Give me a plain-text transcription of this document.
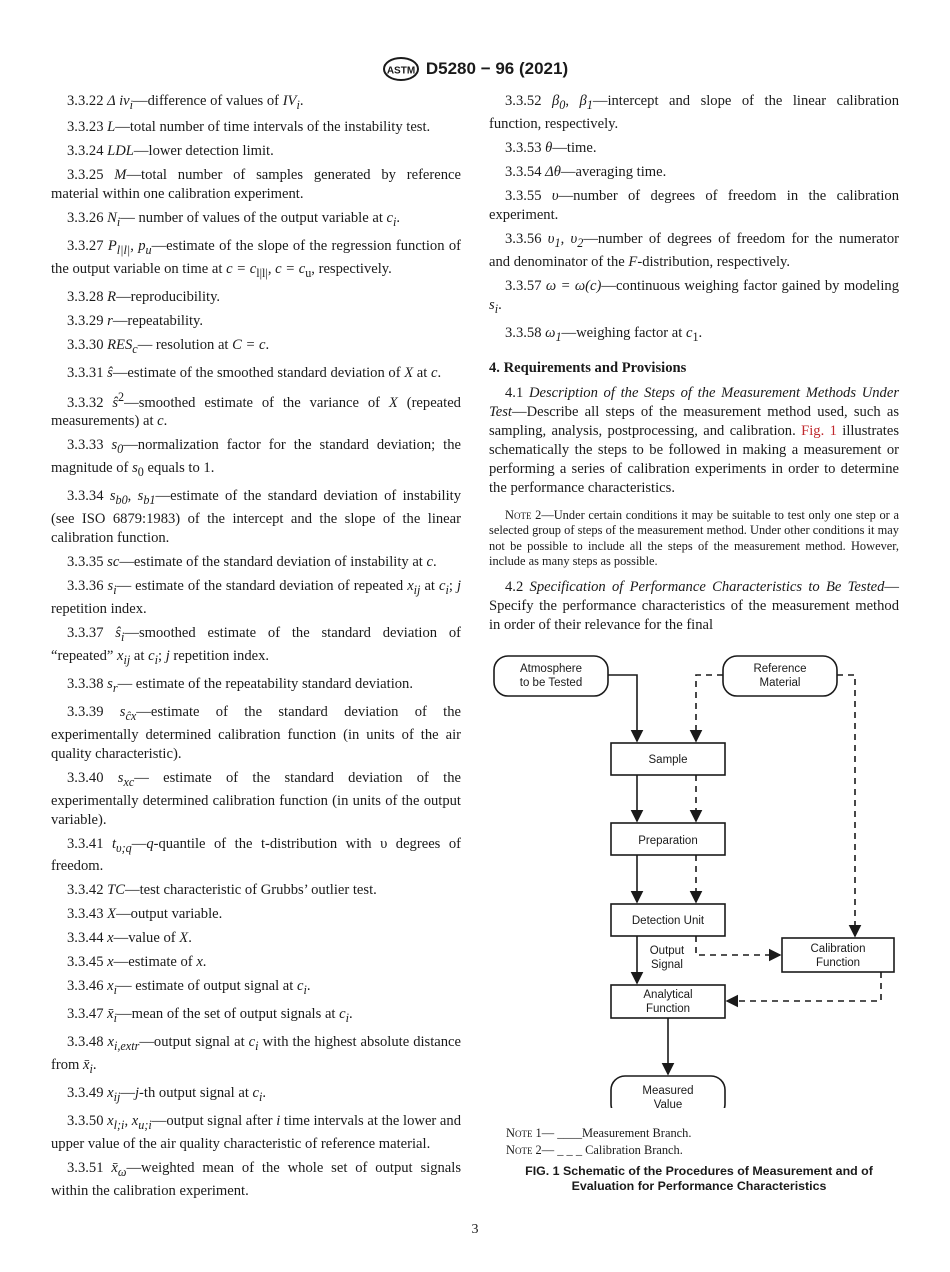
ASTM D5280 − 96 (2021)

3.3.22 Δ $iv_i—difference$ of values of $IV_i$.

3.3.23 L—total number of time intervals of the instability test.

3.3.24 LDL—lower detection limit.

3.3.25 M—total number of samples generated by reference material within one calibration experiment.

3.3.26 $N_i—$ number of values of the output variable at $c_i$.

3.3.27 $P_{l|l|}$, $p_u—estimate$ of the slope of the regression function of the output variable on time at $c = c_{l|l|}$, $c = c_u$, respectively.

3.3.28 R—reproducibility.

3.3.29 r—repeatability.

3.3.30 $RES_c—$ resolution at C = c.

3.3.31 ŝ—estimate of the smoothed standard deviation of X at c.

3.3.32 $ŝ^2—smoothed$ estimate of the variance of X (repeated measurements) at c.

3.3.33 $s_0—normalization$ factor for the standard deviation; the magnitude of $s_0$ equals to 1.

3.3.34 $s_{b0}$, $s_{b1}—estimate$ of the standard deviation of instability (see ISO 6879:1983) of the intercept and the slope of the linear calibration function.

3.3.35 sc—estimate of the standard deviation of instability at c.

3.3.36 $s_i—$ estimate of the standard deviation of repeated $x_{ij}$ at $c_i$; j repetition index.

3.3.37 $ŝ_i—smoothed$ estimate of the standard deviation of “repeated” $x_{ij}$ at $c_i$; j repetition index.

3.3.38 $s_r—$ estimate of the repeatability standard deviation.

3.3.39 $s_{ĉx}—estimate$ of the standard deviation of the experimentally determined calibration function (in units of the air quality characteristic).

3.3.40 $s_{xc}—$ estimate of the standard deviation of the experimentally determined calibration function (in units of the output variable).

3.3.41 $t_{\upsilon;q}—q$-quantile of the t-distribution with υ degrees of freedom.

3.3.42 TC—test characteristic of Grubbs’ outlier test.

3.3.43 X—output variable.

3.3.44 x—value of X.

3.3.45 x—estimate of x.

3.3.46 $x_i—$ estimate of output signal at $c_i$.

3.3.47 $x̄_i—mean$ of the set of output signals at $c_i$.

3.3.48 $x_{i,extr}—output$ signal at $c_i$ with the highest absolute distance from $x̄_i$.

3.3.49 $x_{ij}—j-th$ output signal at $c_i$.

3.3.50 $x_{l;i}$, $x_{u;i}—output$ signal after i time intervals at the lower and upper value of the air quality characteristic of reference material.

3.3.51 $x̄_\omega—weighted$ mean of the whole set of output signals within the calibration experiment.

3.3.52 $\beta_0$, $\beta_1—intercept$ and slope of the linear calibration function, respectively.

3.3.53 θ—time.

3.3.54 Δθ—averaging time.

3.3.55 υ—number of degrees of freedom in the calibration experiment.

3.3.56 $\upsilon_1$, $\upsilon_2—number$ of degrees of freedom for the numerator and denominator of the F-distribution, respectively.

3.3.57 ω = ω(c)—continuous weighing factor gained by modeling $s_i$.

3.3.58 $\omega_1—weighing$ factor at $c_1$.

4. Requirements and Provisions

4.1 Description of the Steps of the Measurement Methods Under Test—Describe all steps of the measurement method used, such as sampling, analysis, postprocessing, and calibration. Fig. 1 illustrates schematically the steps to be followed in making a measurement or performing a series of calibration experiments in order to determine the performance characteristics.

Note 2—Under certain conditions it may be suitable to test only one step or a selected group of steps of the measurement method. Under other conditions it may not be possible to include all the steps of the measurement method. However, include as many steps as possible.

4.2 Specification of Performance Characteristics to Be Tested—Specify the performance characteristics of the measurement method in order of their relevance for the final

Atmosphere
to be Tested
Reference
Material
Sample
Preparation
Detection Unit
Calibration
Function
Analytical
Function
Measured
Value
Output
Signal
Note 1— ____Measurement Branch.
Note 2— _ _ _ Calibration Branch.
FIG. 1 Schematic of the Procedures of Measurement and of
Evaluation for Performance Characteristics
3
